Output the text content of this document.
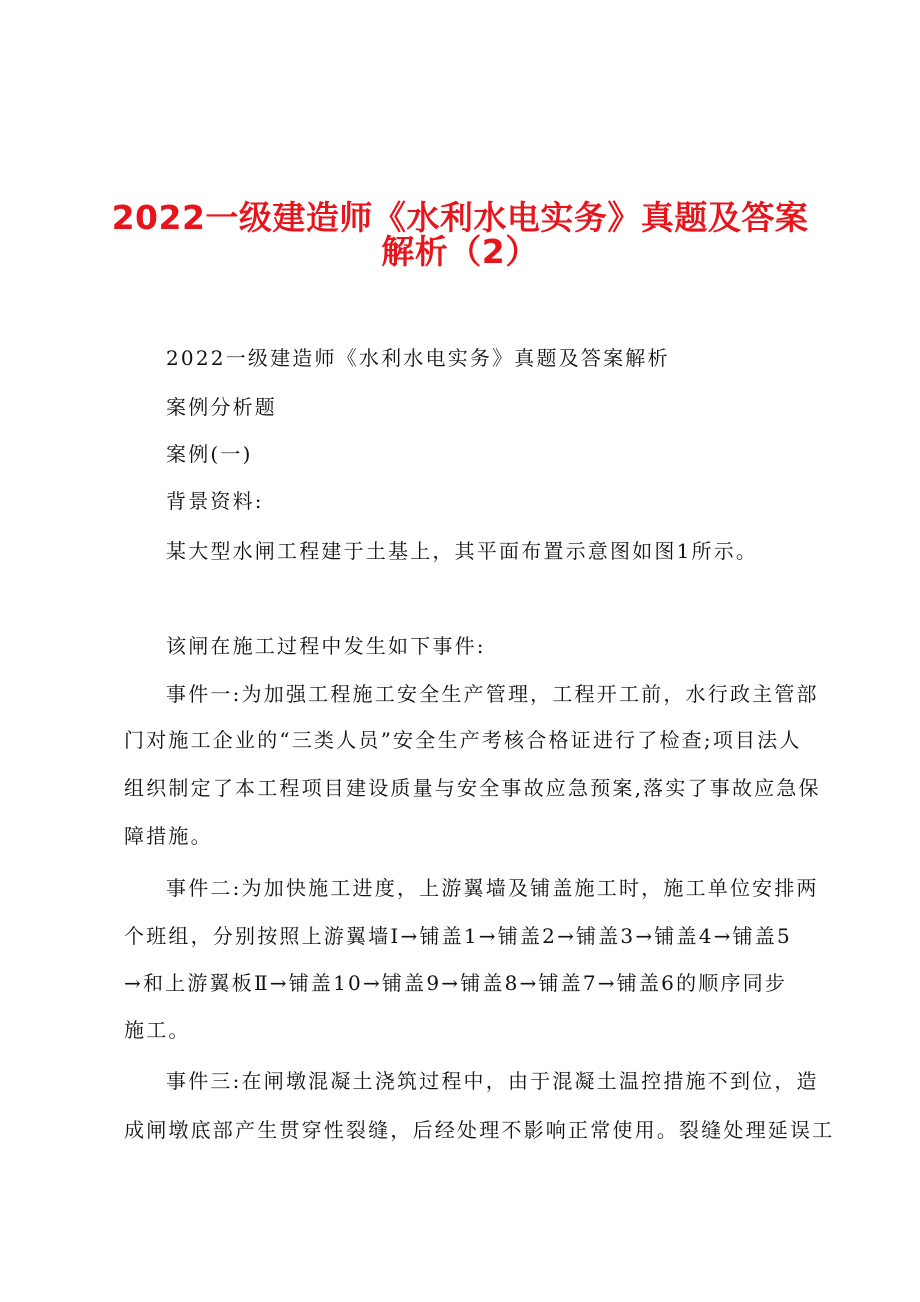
2022一级建造师《水利水电实务》真题及答案
解析（2）
2022一级建造师《水利水电实务》真题及答案解析
案例分析题
案例(一)
背景资料:
某大型水闸工程建于土基上，其平面布置示意图如图1所示。
该闸在施工过程中发生如下事件:
事件一:为加强工程施工安全生产管理，工程开工前，水行政主管部
门对施工企业的“三类人员”安全生产考核合格证进行了检查;项目法人
组织制定了本工程项目建设质量与安全事故应急预案,落实了事故应急保
障措施。
事件二:为加快施工进度，上游翼墙及铺盖施工时，施工单位安排两
个班组，分别按照上游翼墙Ⅰ→铺盖1→铺盖2→铺盖3→铺盖4→铺盖5
→和上游翼板Ⅱ→铺盖10→铺盖9→铺盖8→铺盖7→铺盖6的顺序同步
施工。
事件三:在闸墩混凝土浇筑过程中，由于混凝土温控措施不到位，造
成闸墩底部产生贯穿性裂缝，后经处理不影响正常使用。裂缝处理延误工
